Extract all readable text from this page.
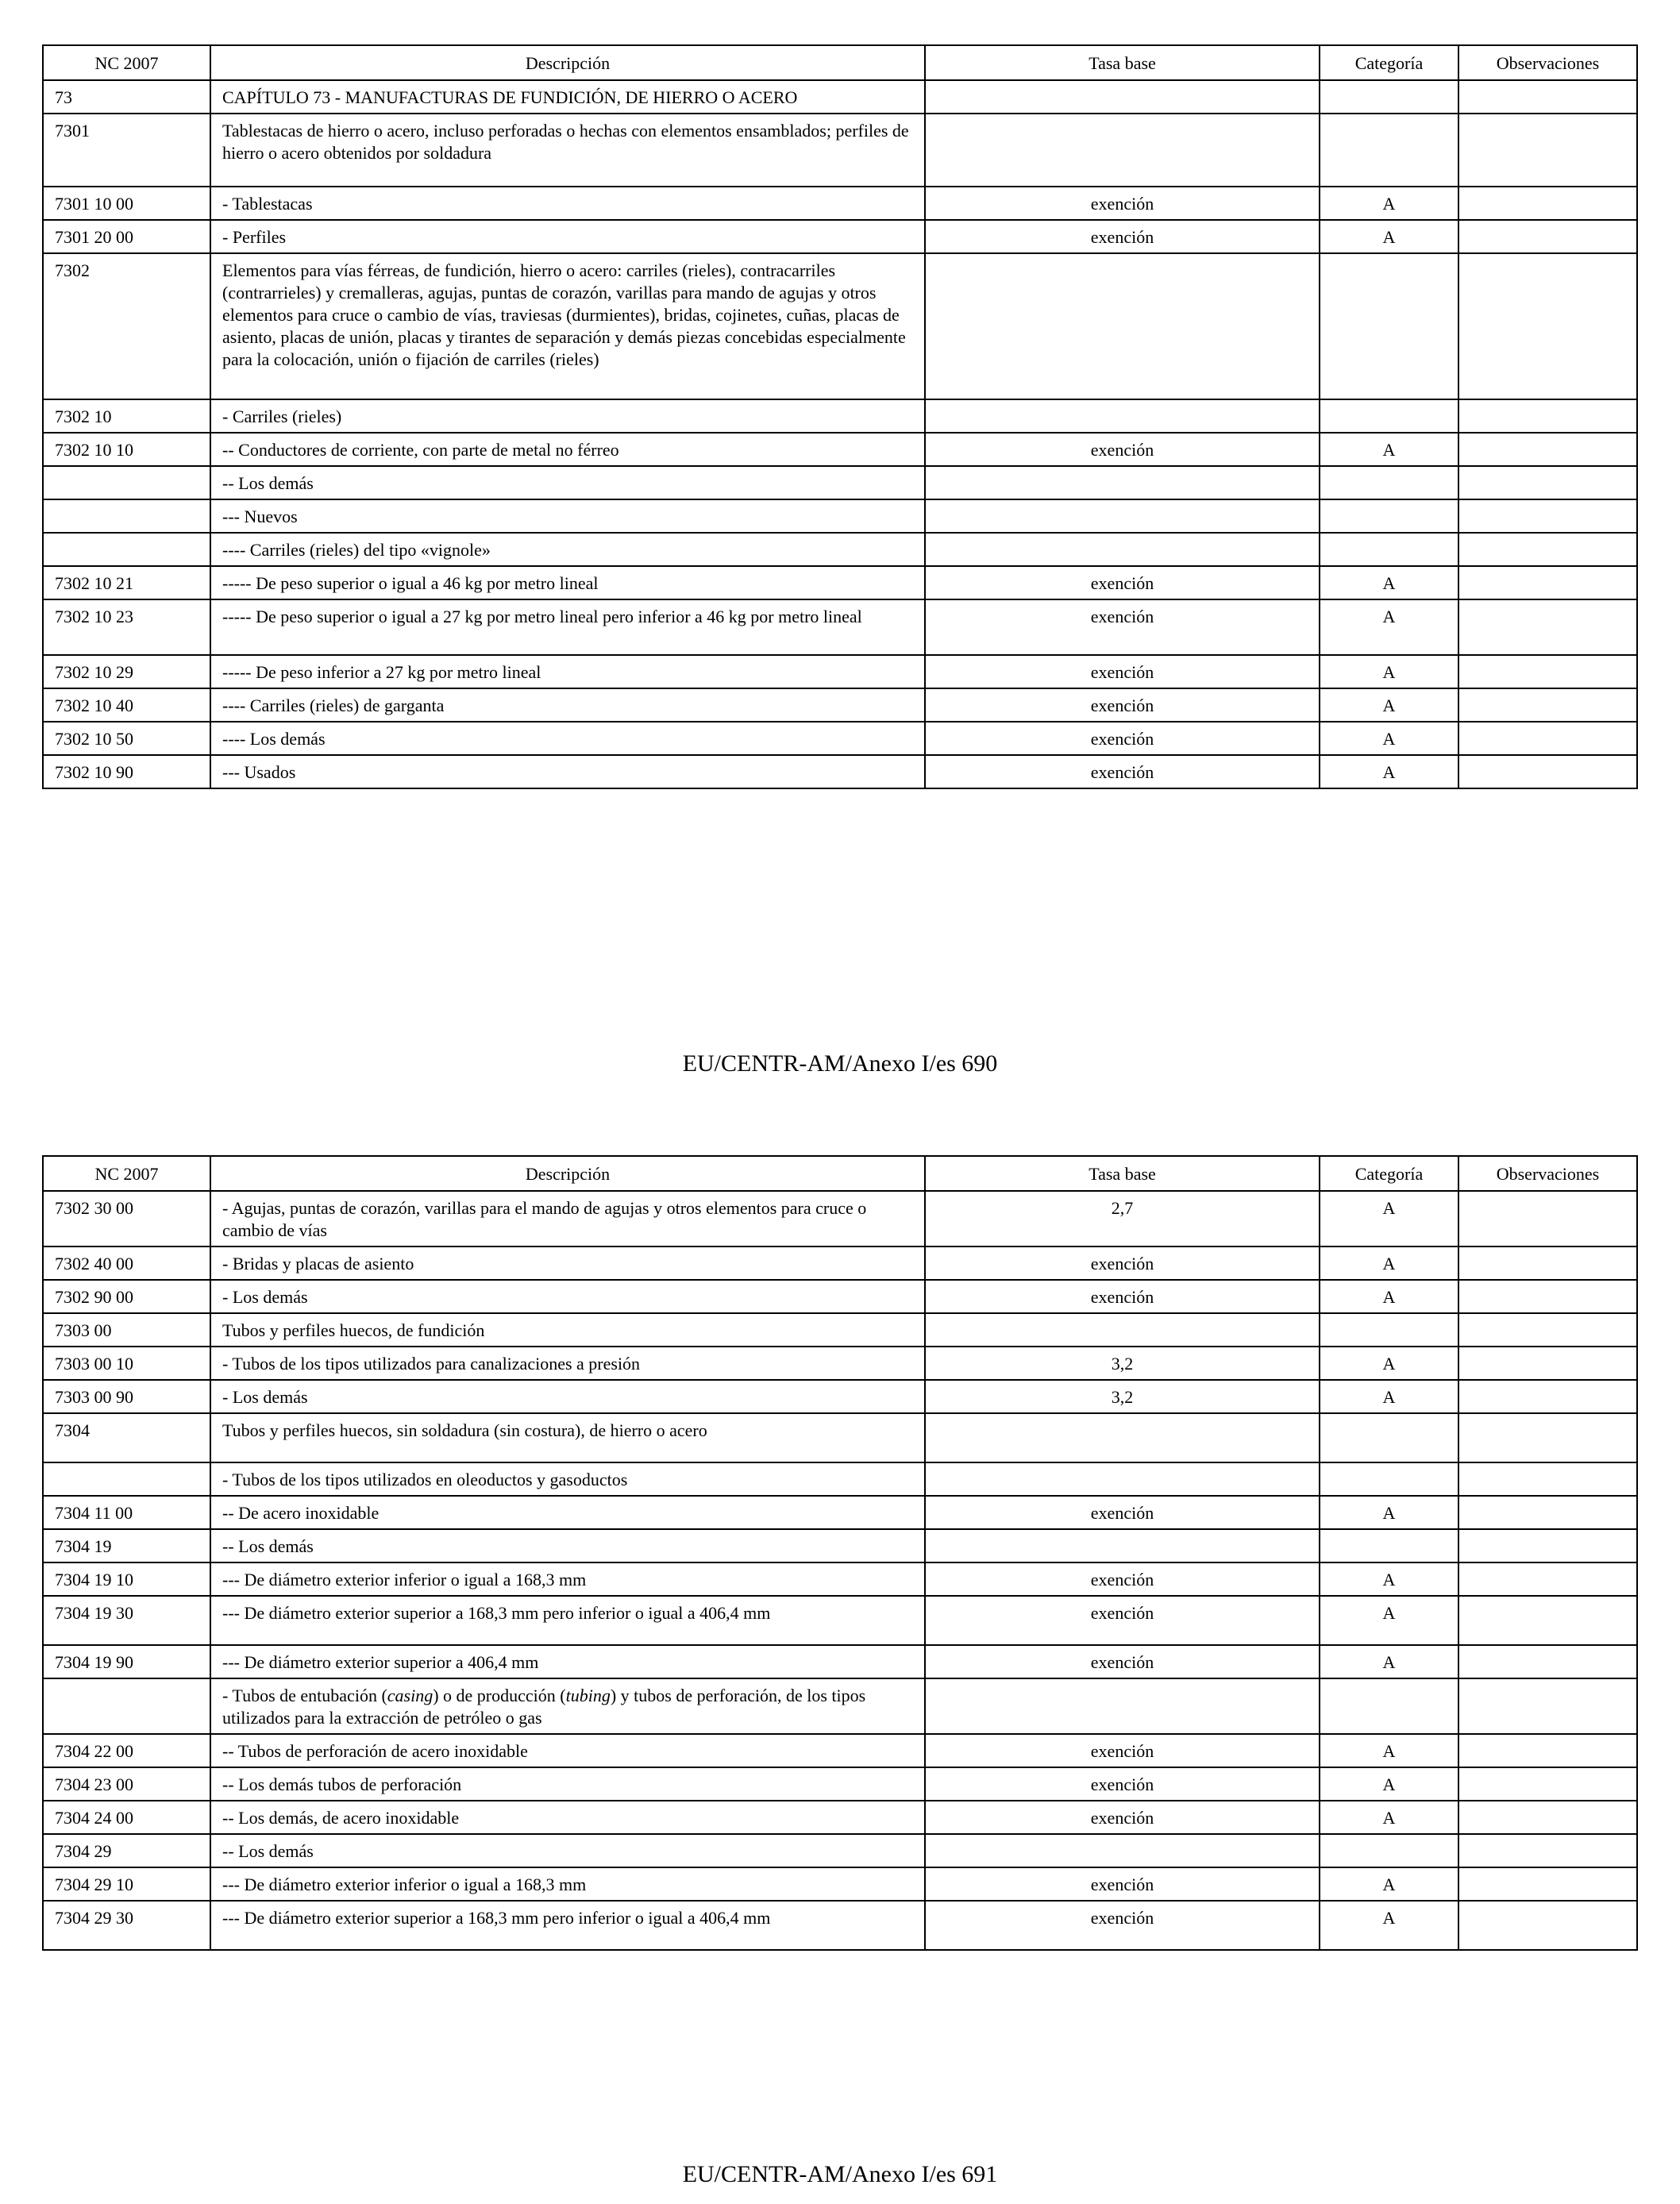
NC 2007	Descripción	Tasa base	Categoría	Observaciones
73	CAPÍTULO 73 - MANUFACTURAS DE FUNDICIÓN, DE HIERRO O ACERO			
7301	Tablestacas de hierro o acero, incluso perforadas o hechas con elementos ensamblados; perfiles de hierro o acero obtenidos por soldadura			
7301 10 00	- Tablestacas	exención	A	
7301 20 00	- Perfiles	exención	A	
7302	Elementos para vías férreas, de fundición, hierro o acero: carriles (rieles), contracarriles (contrarrieles) y cremalleras, agujas, puntas de corazón, varillas para mando de agujas y otros elementos para cruce o cambio de vías, traviesas (durmientes), bridas, cojinetes, cuñas, placas de asiento, placas de unión, placas y tirantes de separación y demás piezas concebidas especialmente para la colocación, unión o fijación de carriles (rieles)			
7302 10	- Carriles (rieles)			
7302 10 10	-- Conductores de corriente, con parte de metal no férreo	exención	A	
	-- Los demás			
	--- Nuevos			
	---- Carriles (rieles) del tipo «vignole»			
7302 10 21	----- De peso superior o igual a 46 kg por metro lineal	exención	A	
7302 10 23	----- De peso superior o igual a 27 kg por metro lineal pero inferior a 46 kg por metro lineal	exención	A	
7302 10 29	----- De peso inferior a 27 kg por metro lineal	exención	A	
7302 10 40	---- Carriles (rieles) de garganta	exención	A	
7302 10 50	---- Los demás	exención	A	
7302 10 90	--- Usados	exención	A	
EU/CENTR-AM/Anexo I/es 690
NC 2007	Descripción	Tasa base	Categoría	Observaciones
7302 30 00	- Agujas, puntas de corazón, varillas para el mando de agujas y otros elementos para cruce o cambio de vías	2,7	A	
7302 40 00	- Bridas y placas de asiento	exención	A	
7302 90 00	- Los demás	exención	A	
7303 00	Tubos y perfiles huecos, de fundición			
7303 00 10	- Tubos de los tipos utilizados para canalizaciones a presión	3,2	A	
7303 00 90	- Los demás	3,2	A	
7304	Tubos y perfiles huecos, sin soldadura (sin costura), de hierro o acero			
	- Tubos de los tipos utilizados en oleoductos y gasoductos			
7304 11 00	-- De acero inoxidable	exención	A	
7304 19	-- Los demás			
7304 19 10	--- De diámetro exterior inferior o igual a 168,3 mm	exención	A	
7304 19 30	--- De diámetro exterior superior a 168,3 mm pero inferior o igual a 406,4 mm	exención	A	
7304 19 90	--- De diámetro exterior superior a 406,4 mm	exención	A	
	- Tubos de entubación (casing) o de producción (tubing) y tubos de perforación, de los tipos utilizados para la extracción de petróleo o gas			
7304 22 00	-- Tubos de perforación de acero inoxidable	exención	A	
7304 23 00	-- Los demás tubos de perforación	exención	A	
7304 24 00	-- Los demás, de acero inoxidable	exención	A	
7304 29	-- Los demás			
7304 29 10	--- De diámetro exterior inferior o igual a 168,3 mm	exención	A	
7304 29 30	--- De diámetro exterior superior a 168,3 mm pero inferior o igual a 406,4 mm	exención	A	
EU/CENTR-AM/Anexo I/es 691
